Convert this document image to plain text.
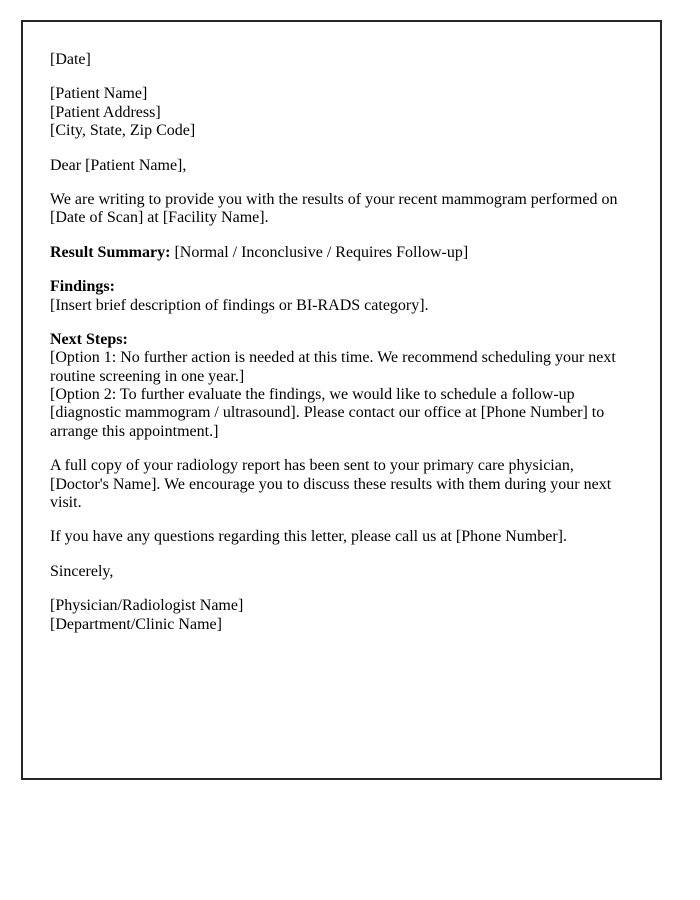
[Date]

[Patient Name]
[Patient Address]
[City, State, Zip Code]

Dear [Patient Name],

We are writing to provide you with the results of your recent mammogram performed on [Date of Scan] at [Facility Name].

Result Summary: [Normal / Inconclusive / Requires Follow-up]

Findings:
[Insert brief description of findings or BI-RADS category].

Next Steps:
[Option 1: No further action is needed at this time. We recommend scheduling your next routine screening in one year.]
[Option 2: To further evaluate the findings, we would like to schedule a follow-up [diagnostic mammogram / ultrasound]. Please contact our office at [Phone Number] to arrange this appointment.]

A full copy of your radiology report has been sent to your primary care physician, [Doctor's Name]. We encourage you to discuss these results with them during your next visit.

If you have any questions regarding this letter, please call us at [Phone Number].

Sincerely,

[Physician/Radiologist Name]
[Department/Clinic Name]
